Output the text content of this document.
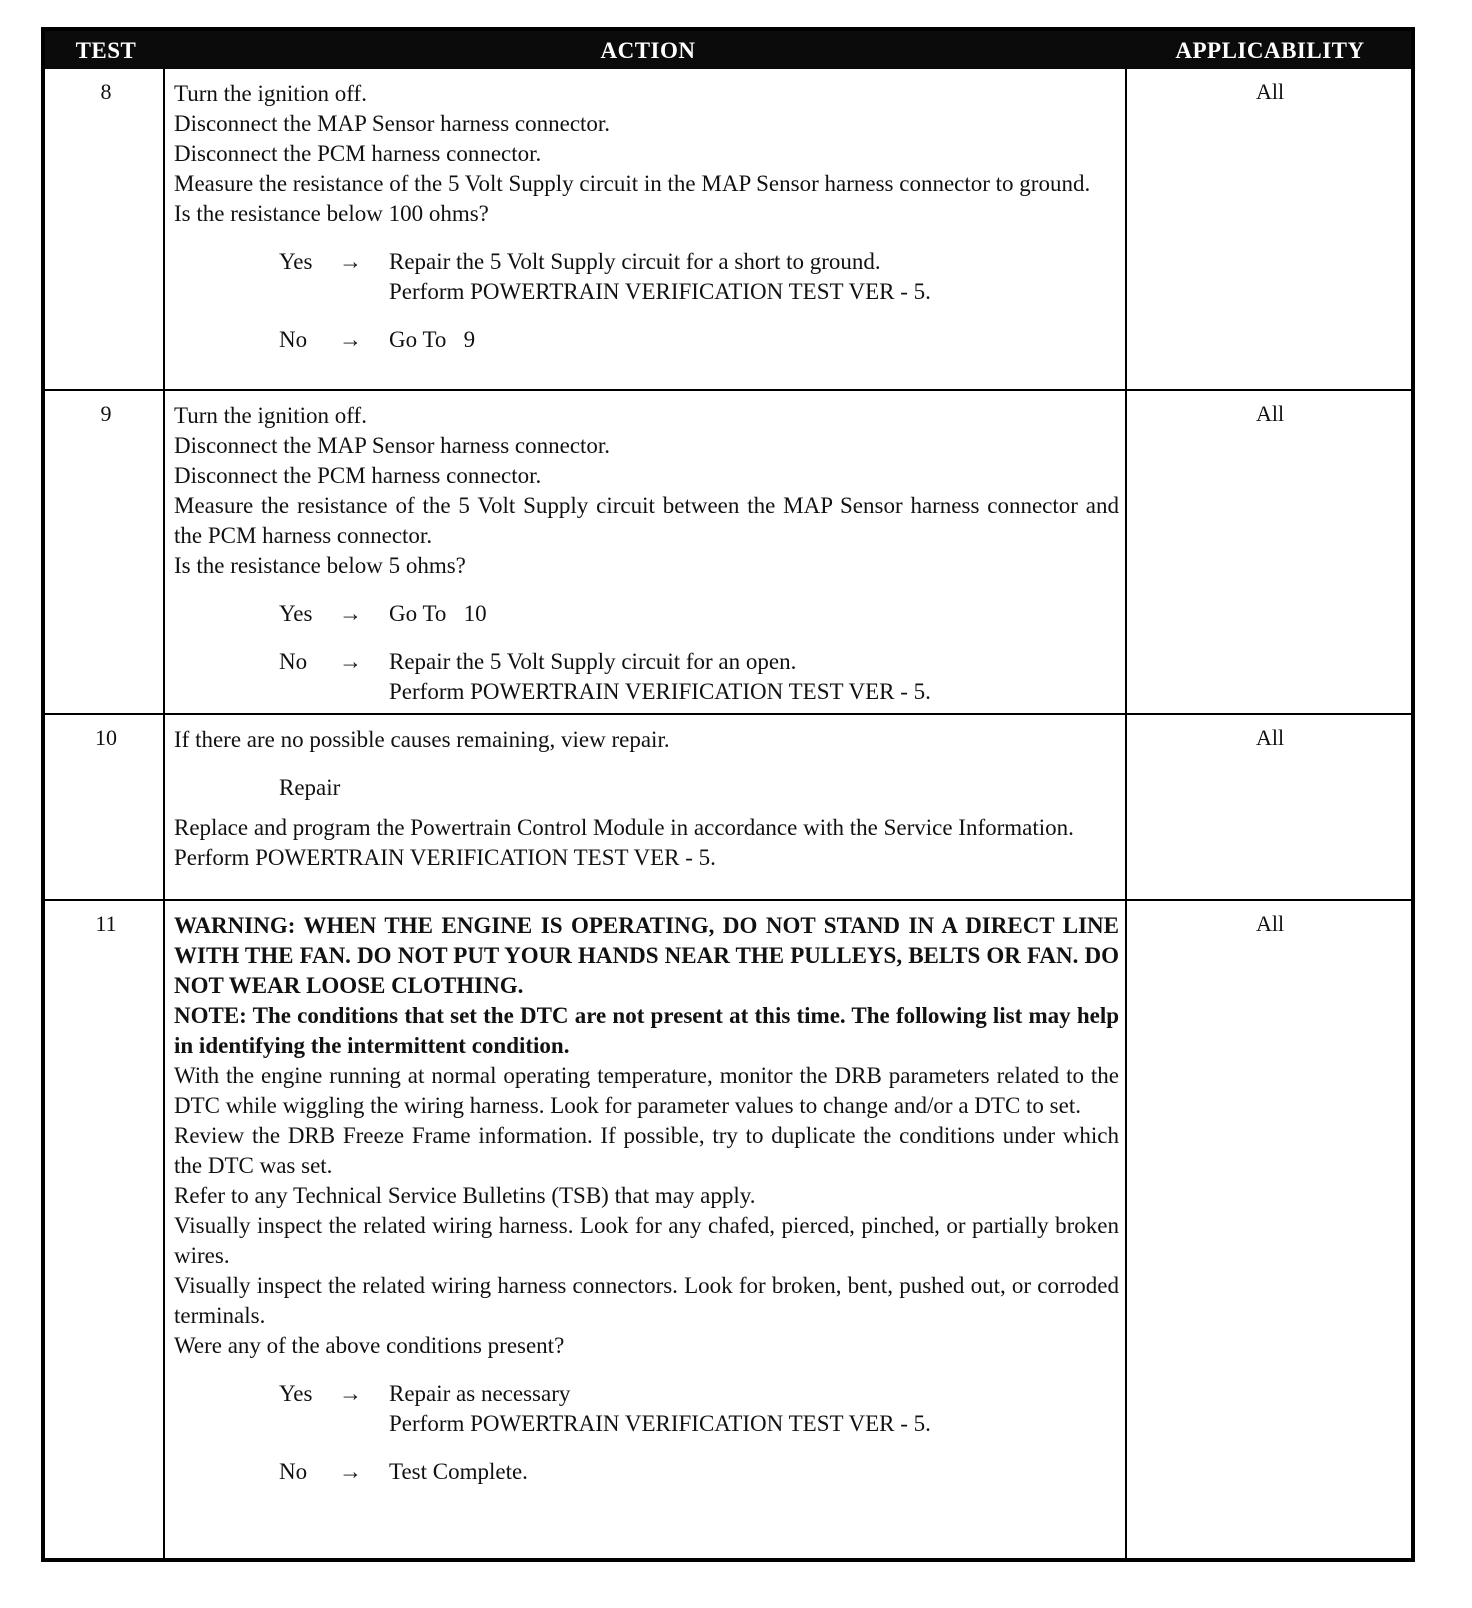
TEST	ACTION	APPLICABILITY
8	Turn the ignition off.

Disconnect the MAP Sensor harness connector.

Disconnect the PCM harness connector.

Measure the resistance of the 5 Volt Supply circuit in the MAP Sensor harness connector to ground.

Is the resistance below 100 ohms?

Yes → Repair the 5 Volt Supply circuit for a short to ground.
Perform POWERTRAIN VERIFICATION TEST VER - 5.
No → Go To   9
All
9	Turn the ignition off.

Disconnect the MAP Sensor harness connector.

Disconnect the PCM harness connector.

Measure the resistance of the 5 Volt Supply circuit between the MAP Sensor harness connector and the PCM harness connector.

Is the resistance below 5 ohms?

Yes → Go To   10
No → Repair the 5 Volt Supply circuit for an open.
Perform POWERTRAIN VERIFICATION TEST VER - 5.
All
10	If there are no possible causes remaining, view repair.

Repair

Replace and program the Powertrain Control Module in accordance with the Service Information.

Perform POWERTRAIN VERIFICATION TEST VER - 5.

All
11	WARNING: WHEN THE ENGINE IS OPERATING, DO NOT STAND IN A DIRECT LINE WITH THE FAN. DO NOT PUT YOUR HANDS NEAR THE PULLEYS, BELTS OR FAN. DO NOT WEAR LOOSE CLOTHING.

NOTE: The conditions that set the DTC are not present at this time. The following list may help in identifying the intermittent condition.

With the engine running at normal operating temperature, monitor the DRB parameters related to the DTC while wiggling the wiring harness. Look for parameter values to change and/or a DTC to set.

Review the DRB Freeze Frame information. If possible, try to duplicate the conditions under which the DTC was set.

Refer to any Technical Service Bulletins (TSB) that may apply.

Visually inspect the related wiring harness. Look for any chafed, pierced, pinched, or partially broken wires.

Visually inspect the related wiring harness connectors. Look for broken, bent, pushed out, or corroded terminals.

Were any of the above conditions present?

Yes → Repair as necessary
Perform POWERTRAIN VERIFICATION TEST VER - 5.
No → Test Complete.
All
